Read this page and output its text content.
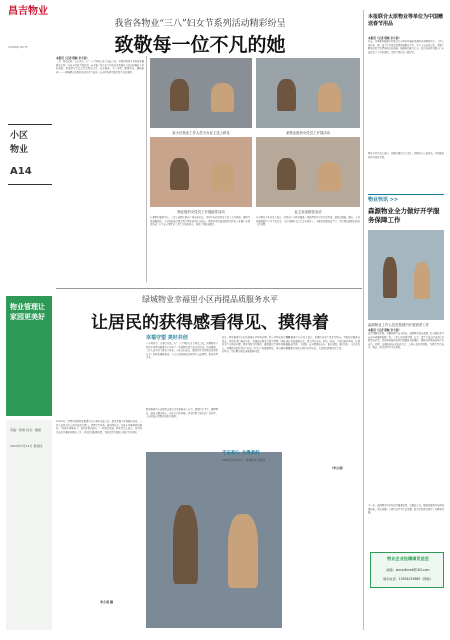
昌吉物业
CHANGJI WUYE
小区
物业
A14
我省各物业“三八”妇女节系列活动精彩纷呈
致敬每一位不凡的她
本报讯（记者 陈畅 李方羽）
三月，春意萌动，心有光芒。在“三八”国际妇女节来临之际，各物业服务企业纷纷开展形式多样、内容丰富的主题活动，向辛勤工作在各个岗位的女性致以节日的问候和美好的祝福，用温情与关爱点亮女性的节日。花艺插花、手工制作、健康讲座、趣味游戏……一场场精心策划的活动让业主和员工在欢声笑语中感受到节日的温暖。
某小区物业工作人员为女业主送上鲜花	某物业组织女性员工开展活动
物业组织女性员工开展踏青活动	业主参加插花活动
在某物业服务中心，工作人员精心准备了鲜花和礼品，为社区内的女性业主送上节日祝福。现场气氛温馨热烈，大家纷纷表示感受到了物业的用心与贴心。某物业项目部还组织女性员工开展户外踏青活动，让大家在繁忙的工作之余放松身心，增进了团队凝聚力。
多家物业企业负责人表示，女性员工在物业服务一线发挥着不可替代的作用，她们以细致、耐心、专业的服务赢得了业主的认可。今后将继续关心关爱女性员工，为她们搭建成长平台，营造更加温暖和谐的工作氛围。
本报联合太原物业等单位为中国赠送春节用品
本报讯（记者 陈畅 李方羽）
日前，由某物业服务企业联合多家单位开展的送温暖活动顺利举行，工作人员将米、面、油等生活用品送到困难群众手中，并与大家亲切交谈，详细了解他们的生活情况和实际困难，鼓励他们树立信心。此次活动共为数十户家庭送去了节日的温暖，受到了居民的一致好评。
物业企业负责人表示，将继续履行社会责任，积极参与公益活动，为构建和谐社区贡献力量。
物业快讯 >>
森源物业全力做好开学服务保障工作
森源物业工作人员在校园内开展消杀工作
本报讯（记者 陈畅 李方羽）
新学期即将开始，为确保师生安全返校，森源物业提前部署，扎实做好开学前的各项服务保障工作。工作人员对教学楼、宿舍、食堂等重点区域进行全面清洁消杀，对校园设施设备进行细致排查和维护，确保各项设施设备正常运行。同时，加强校园安全巡查力度，完善应急处置预案，为师生营造安全、整洁、舒适的学习生活环境。
下一步，森源物业将持续提升服务质量，以更加专业、细致的服务为校园保驾护航，切实保障广大师生的学习生活需要，助力学校教育教学工作顺利开展。
物业企业投稿请发送至
邮箱：wxxcdhcwt@163.com
联系电话：13934155865（陈畅）
绿城物业幸福里小区再提品质服务水平
让居民的获得感看得见、摸得着
物业管理让家园更美好
3月11日，呼图壁县某物业服务中心在春季来临之际，组织开展了环境整治活动。工作人员对小区公共区域进行清扫，清理卫生死角，修剪绿化带，提升小区整体环境面貌。“环境干净整洁了，我们住着也舒心。”一位居民说道。物业负责人表示，将坚持常态化开展环境整治工作，持续提升服务质量，为居民营造更加宜居的生活环境。
李方羽 摄
责编：陈畅 校对：魏嘉
2024年3月21日 星期四
幸福守望 美好共创
一年春作首，万事行为先。在“三八”国际妇女节到来之际，绿城物业幸福里小区物业服务中心举办了一系列精彩纷呈的社区活动。活动现场，工作人员为业主准备了鲜花、小礼品和茶点，邀请社区女性居民共同参与手工制作和趣味游戏，大家在轻松愉快的氛围中交流感情，增进邻里关系。
物业服务中心还组织志愿者走进独居老人家中，帮助打扫卫生、整理物品，陪老人聊天谈心，送去节日的问候。活动得到了居民的广泛好评，大家纷纷点赞物业的贴心服务。
此外，物业服务中心持续加强小区环境治理，对公共区域进行全面清洁，对绿化进行修剪养护，对楼道杂物进行集中清理。同时，针对业主反映的问题，物业及时进行整改，确保居民生活环境整洁有序。绿城物业始终坚持“以客户为中心”的服务理念，用心倾听业主的声音，切实解决居民急难愁盼问题。
不忘初心 方得美好
物业服务中心负责人表示，将继续以业主需求为导向，不断提升服务品质，创新服务方式，努力打造安全、舒适、和谐、美好的居住环境，让居民的获得感、幸福感、安全感更加充实、更有保障、更可持续。今后还将开展更多形式多样的社区活动，丰富居民精神文化生活。
2024年3月21日，绿城物业全面谈
（李方羽）
